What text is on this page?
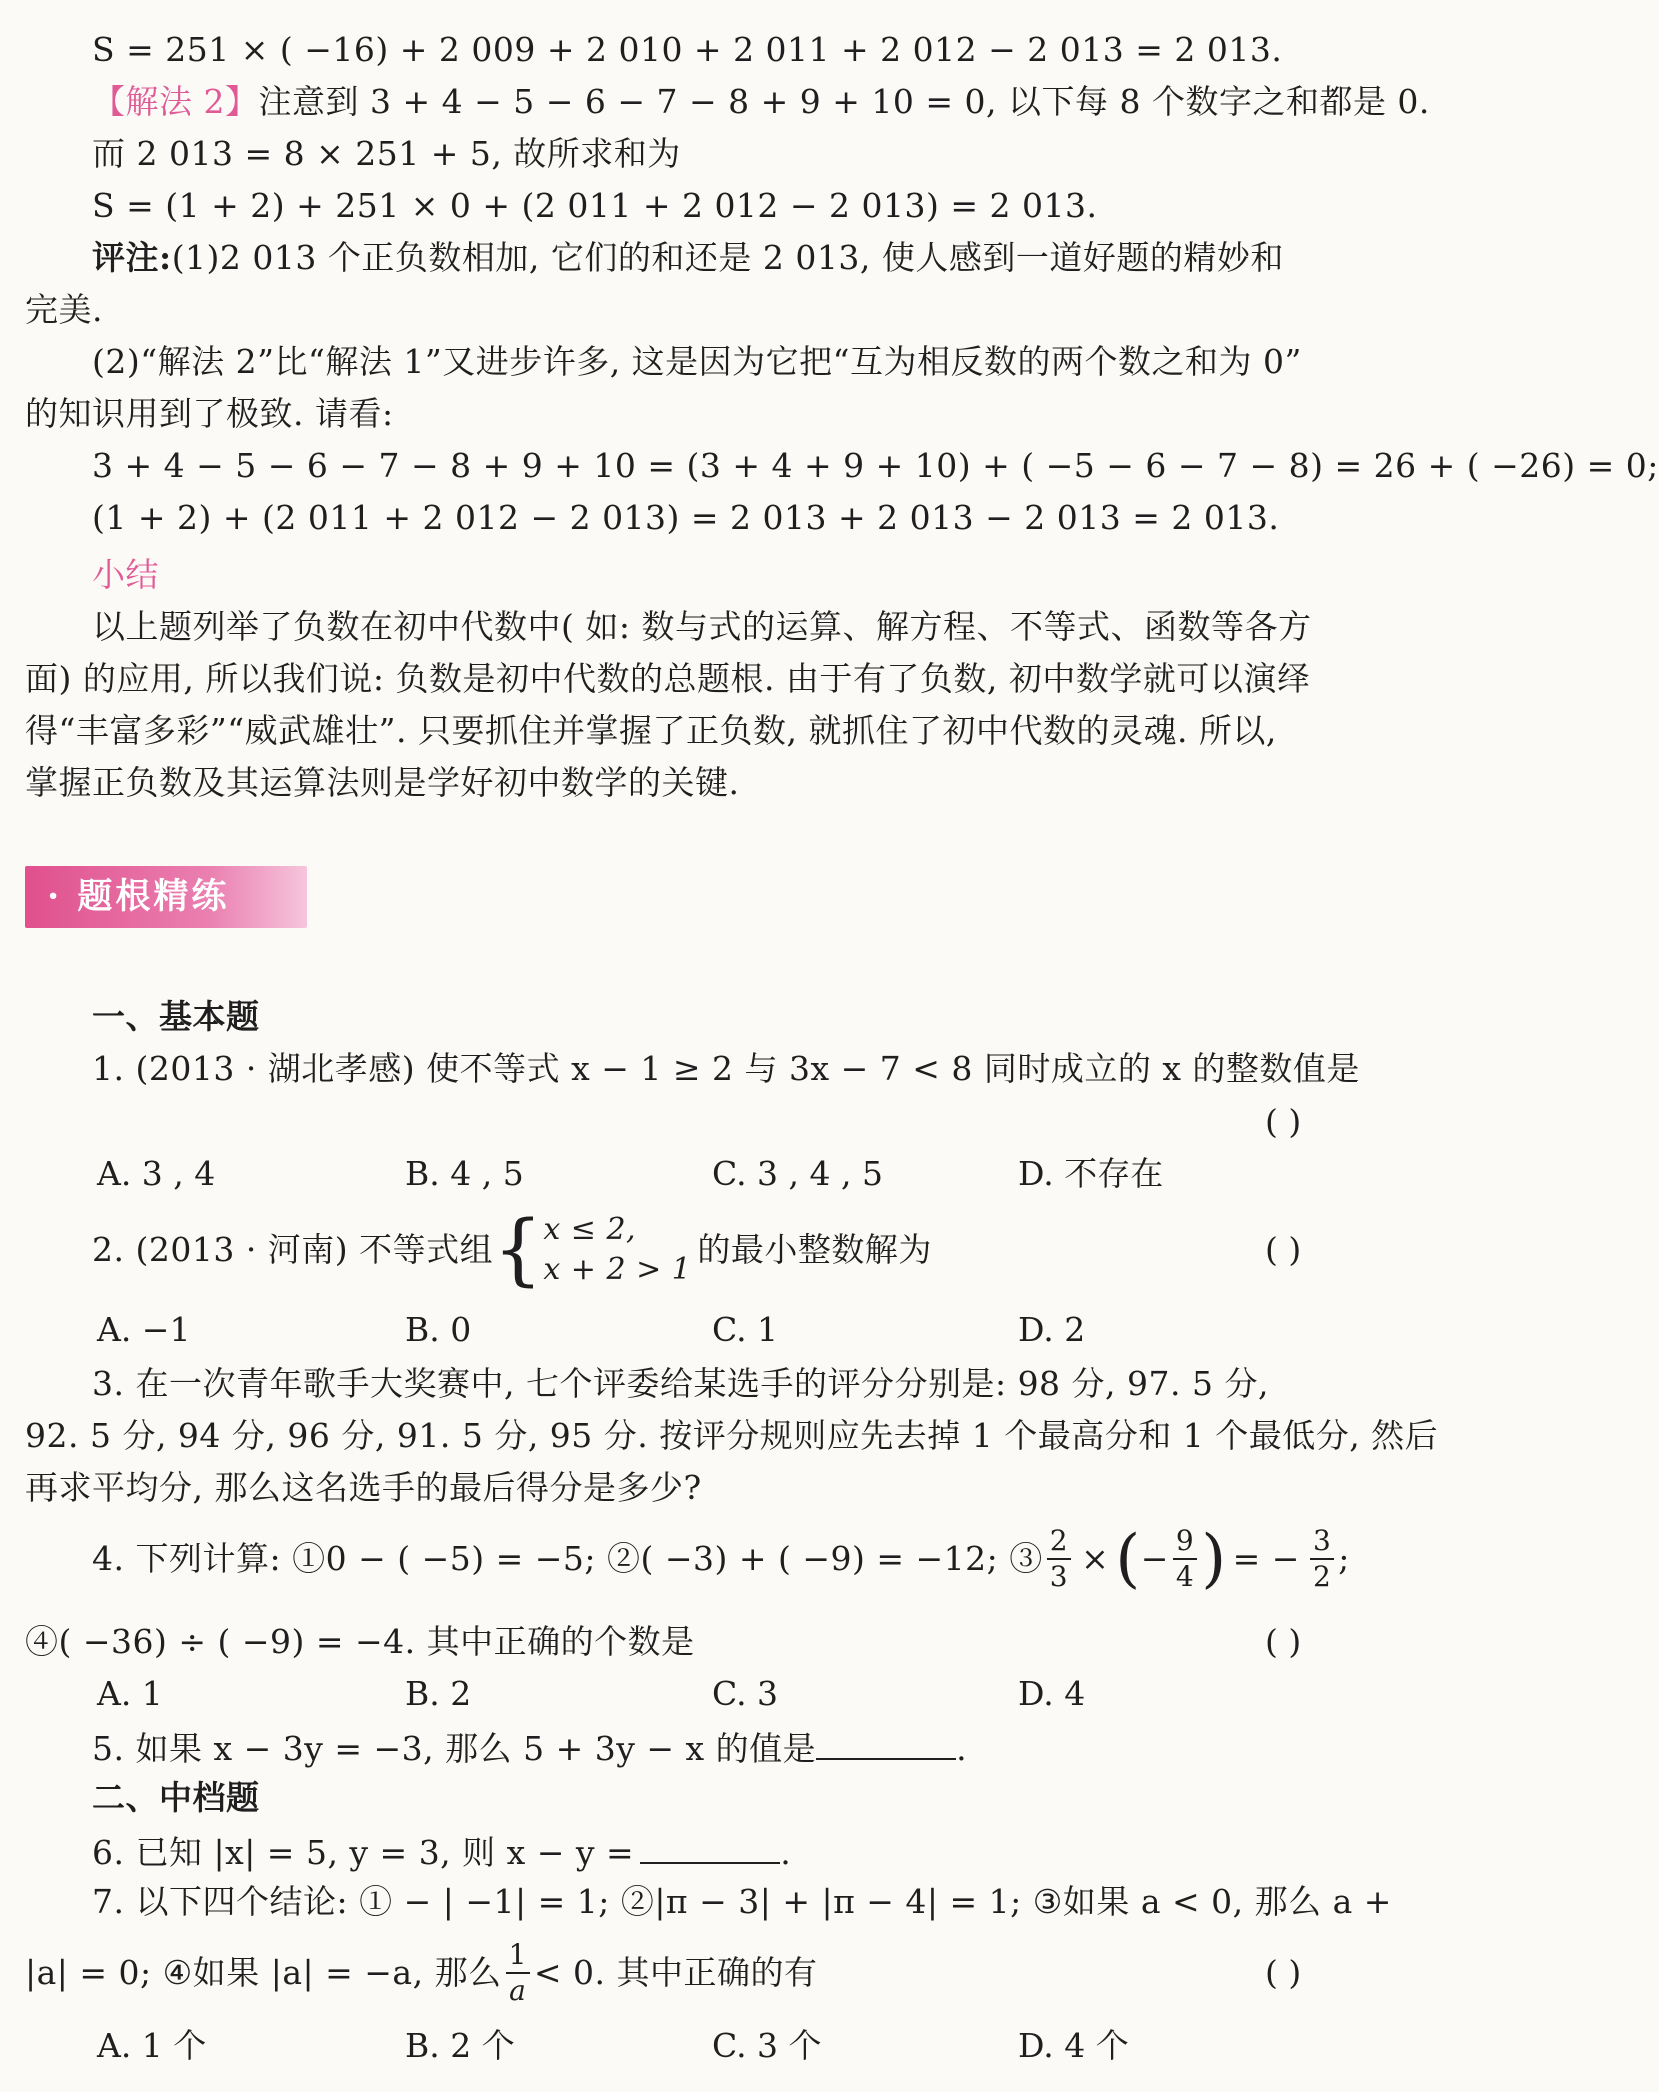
S = 251 × ( −16) + 2 009 + 2 010 + 2 011 + 2 012 − 2 013 = 2 013.
【解法 2】注意到 3 + 4 − 5 − 6 − 7 − 8 + 9 + 10 = 0, 以下每 8 个数字之和都是 0.
而 2 013 = 8 × 251 + 5, 故所求和为
S = (1 + 2) + 251 × 0 + (2 011 + 2 012 − 2 013) = 2 013.
评注:(1)2 013 个正负数相加, 它们的和还是 2 013, 使人感到一道好题的精妙和
完美.
(2)“解法 2”比“解法 1”又进步许多, 这是因为它把“互为相反数的两个数之和为 0”
的知识用到了极致. 请看:
3 + 4 − 5 − 6 − 7 − 8 + 9 + 10 = (3 + 4 + 9 + 10) + ( −5 − 6 − 7 − 8) = 26 + ( −26) = 0;
(1 + 2) + (2 011 + 2 012 − 2 013) = 2 013 + 2 013 − 2 013 = 2 013.
小结
以上题列举了负数在初中代数中( 如: 数与式的运算、解方程、不等式、函数等各方
面) 的应用, 所以我们说: 负数是初中代数的总题根. 由于有了负数, 初中数学就可以演绎
得“丰富多彩”“威武雄壮”. 只要抓住并掌握了正负数, 就抓住了初中代数的灵魂. 所以,
掌握正负数及其运算法则是学好初中数学的关键.
· 题根精练
一、基本题
1. (2013 · 湖北孝感) 使不等式 x − 1 ≥ 2 与 3x − 7 < 8 同时成立的 x 的整数值是
( )
A. 3 , 4	B. 4 , 5	C. 3 , 4 , 5	D. 不存在
2. (2013 · 河南) 不等式组 { x ≤ 2,
x + 2 > 1
的最小整数解为	( )
A. −1	B. 0	C. 1	D. 2
3. 在一次青年歌手大奖赛中, 七个评委给某选手的评分分别是: 98 分, 97. 5 分,
92. 5 分, 94 分, 96 分, 91. 5 分, 95 分. 按评分规则应先去掉 1 个最高分和 1 个最低分, 然后
再求平均分, 那么这名选手的最后得分是多少?
4. 下列计算: ①0 − ( −5) = −5; ②( −3) + ( −9) = −12; ③ $\frac{2}{3}$ × ( − $\frac{9}{4}$ ) = − $\frac{3}{2}$ ;
④( −36) ÷ ( −9) = −4. 其中正确的个数是	( )
A. 1	B. 2	C. 3	D. 4
5. 如果 x − 3y = −3, 那么 5 + 3y − x 的值是	.
二、中档题
6. 已知 |x| = 5, y = 3, 则 x − y =	.
7. 以下四个结论: ① − | −1| = 1; ②|π − 3| + |π − 4| = 1; ③如果 a < 0, 那么 a +
|a| = 0; ④如果 |a| = −a, 那么 $\frac{1}{a} < 0$. 其中正确的有	( )
A. 1 个	B. 2 个	C. 3 个	D. 4 个
